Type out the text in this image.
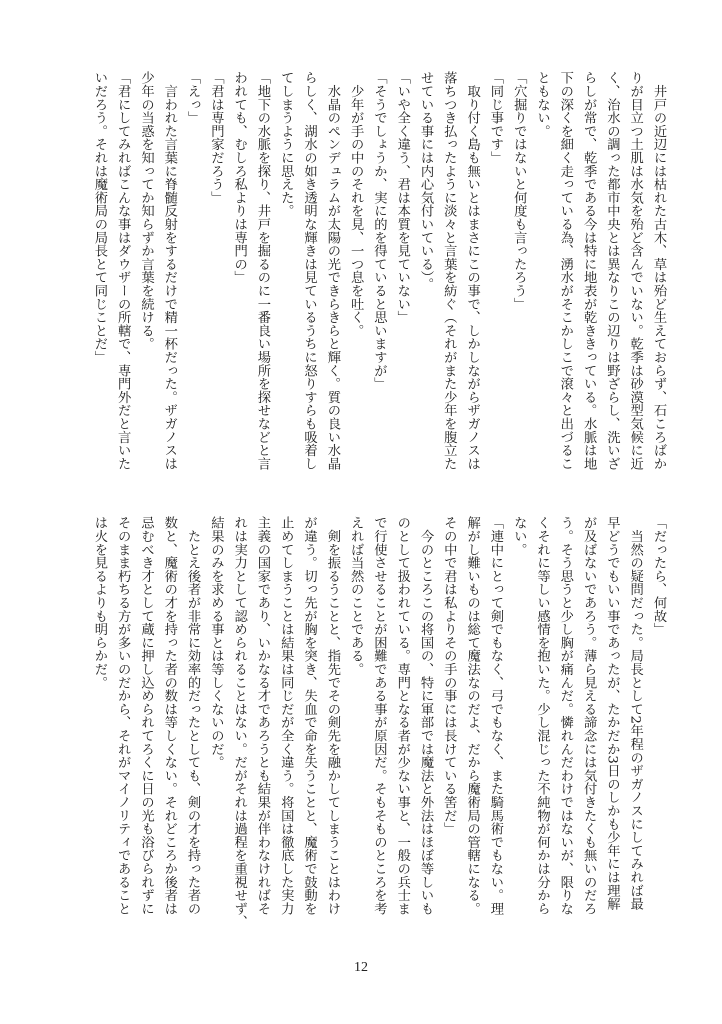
　井戸の近辺には枯れた古木、草は殆ど生えておらず、石ころばか
りが目立つ土肌は水気を殆ど含んでいない。乾季は砂漠型気候に近
く、治水の調った都市中央とは異なりこの辺りは野ざらし、洗いざ
らしが常で、乾季である今は特に地表が乾ききっている。水脈は地
下の深くを細く走っている為、湧水がそこかしこで滾々と出づるこ
ともない。
「穴掘りではないと何度も言ったろう」
「同じ事です」
　取り付く島も無いとはまさにこの事で、しかしながらザガノスは
落ちつき払ったように淡々と言葉を紡ぐ（それがまた少年を腹立た
せている事には内心気付いている）。
「いや全く違う、君は本質を見ていない」
「そうでしょうか、実に的を得ていると思いますが」
　少年が手の中のそれを見、一つ息を吐く。
　水晶のペンデュラムが太陽の光できらきらと輝く。質の良い水晶
らしく、湖水の如き透明な輝きは見ているうちに怒りすらも吸着し
てしまうように思えた。
「地下の水脈を探り、井戸を掘るのに一番良い場所を探せなどと言
われても、むしろ私よりは専門の」
「君は専門家だろう」
「えっ」
　言われた言葉に脊髄反射をするだけで精一杯だった。ザガノスは
少年の当惑を知ってか知らずか言葉を続ける。
「君にしてみればこんな事はダウザーの所轄で、専門外だと言いた
いだろう。それは魔術局の局長とて同じことだ」
「だったら、何故」
　当然の疑問だった。局長として2年程のザガノスにしてみれば最
早どうでもいい事であったが、たかだか3日のしかも少年には理解
が及ばないであろう。薄ら見える諦念には気付きたくも無いのだろ
う。そう思うと少し胸が痛んだ。憐れんだわけではないが、限りな
くそれに等しい感情を抱いた。少し混じった不純物が何かは分から
ない。
「連中にとって剣でもなく、弓でもなく、また騎馬術でもない。理
解がし難いものは総て魔法なのだよ、だから魔術局の管轄になる。
その中で君は私よりその手の事には長けている筈だ」
　今のところこの将国の、特に軍部では魔法と外法はほぼ等しいも
のとして扱われている。専門となる者が少ない事と、一般の兵士ま
で行使させることが困難である事が原因だ。そもそものところを考
えれば当然のことである。
　剣を振るうことと、指先でその剣先を融かしてしまうことはわけ
が違う。切っ先が胸を突き、失血で命を失うことと、魔術で鼓動を
止めてしまうことは結果は同じだが全く違う。将国は徹底した実力
主義の国家であり、いかなる才であろうとも結果が伴わなければそ
れは実力として認められることはない。だがそれは過程を重視せず、
結果のみを求める事とは等しくないのだ。
　たとえ後者が非常に効率的だったとしても、剣の才を持った者の
数と、魔術の才を持った者の数は等しくない。それどころか後者は
忌むべき才として蔵に押し込められてろくに日の光も浴びられずに
そのまま朽ちる方が多いのだから、それがマイノリティであること
は火を見るよりも明らかだ。
12
